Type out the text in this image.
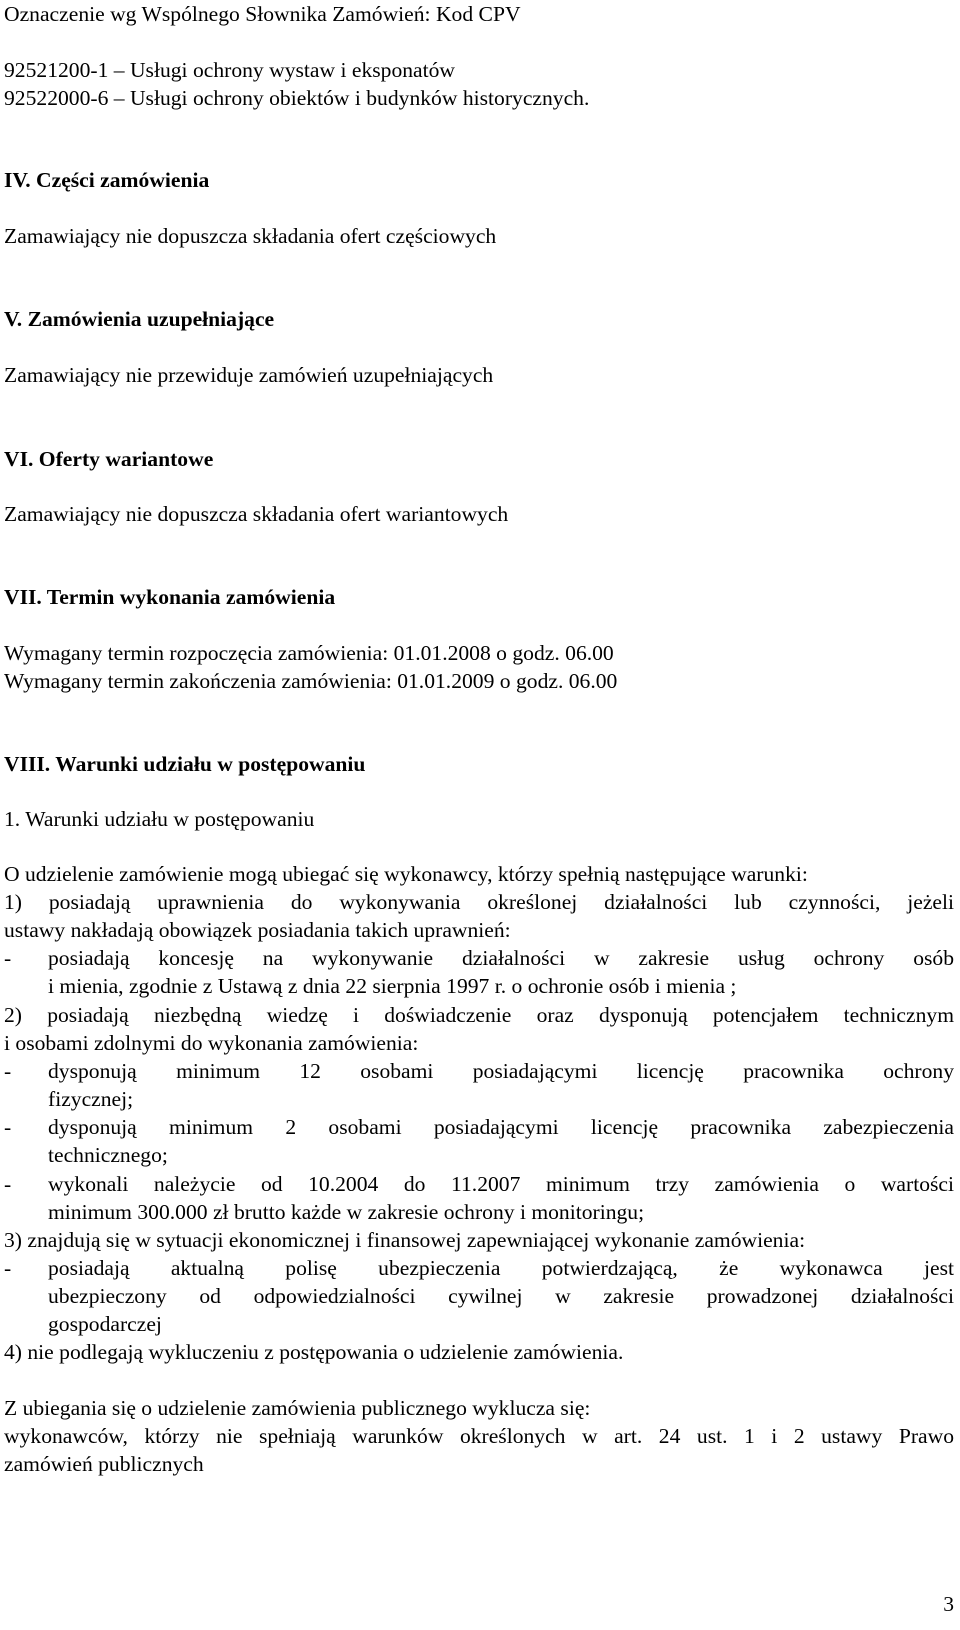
Oznaczenie wg Wspólnego Słownika Zamówień: Kod CPV
92521200-1 – Usługi ochrony wystaw i eksponatów
92522000-6 – Usługi ochrony obiektów i budynków historycznych.
IV. Części zamówienia
Zamawiający nie dopuszcza składania ofert częściowych
V. Zamówienia uzupełniające
Zamawiający nie przewiduje zamówień uzupełniających
VI. Oferty wariantowe
Zamawiający nie dopuszcza składania ofert wariantowych
VII. Termin wykonania zamówienia
Wymagany termin rozpoczęcia zamówienia: 01.01.2008 o godz. 06.00
Wymagany termin zakończenia zamówienia: 01.01.2009 o godz. 06.00
VIII. Warunki udziału w postępowaniu
1. Warunki udziału w postępowaniu
O udzielenie zamówienie mogą ubiegać się wykonawcy, którzy spełnią następujące warunki:
1) posiadają uprawnienia do wykonywania określonej działalności lub czynności, jeżeli
ustawy nakładają obowiązek posiadania takich uprawnień:
- posiadają koncesję na wykonywanie działalności w zakresie usług ochrony osób
i mienia, zgodnie z Ustawą z dnia 22 sierpnia 1997 r. o ochronie osób i mienia ;
2) posiadają niezbędną wiedzę i doświadczenie oraz dysponują potencjałem technicznym
i osobami zdolnymi do wykonania zamówienia:
- dysponują minimum 12 osobami posiadającymi licencję pracownika ochrony
fizycznej;
- dysponują minimum 2 osobami posiadającymi licencję pracownika zabezpieczenia
technicznego;
- wykonali należycie od 10.2004 do 11.2007 minimum trzy zamówienia o wartości
minimum 300.000 zł brutto każde w zakresie ochrony i monitoringu;
3) znajdują się w sytuacji ekonomicznej i finansowej zapewniającej wykonanie zamówienia:
- posiadają aktualną polisę ubezpieczenia potwierdzającą, że wykonawca jest
ubezpieczony od odpowiedzialności cywilnej w zakresie prowadzonej działalności
gospodarczej
4) nie podlegają wykluczeniu z postępowania o udzielenie zamówienia.
Z ubiegania się o udzielenie zamówienia publicznego wyklucza się:
wykonawców, którzy nie spełniają warunków określonych w art. 24 ust. 1 i 2 ustawy Prawo
zamówień publicznych
3
